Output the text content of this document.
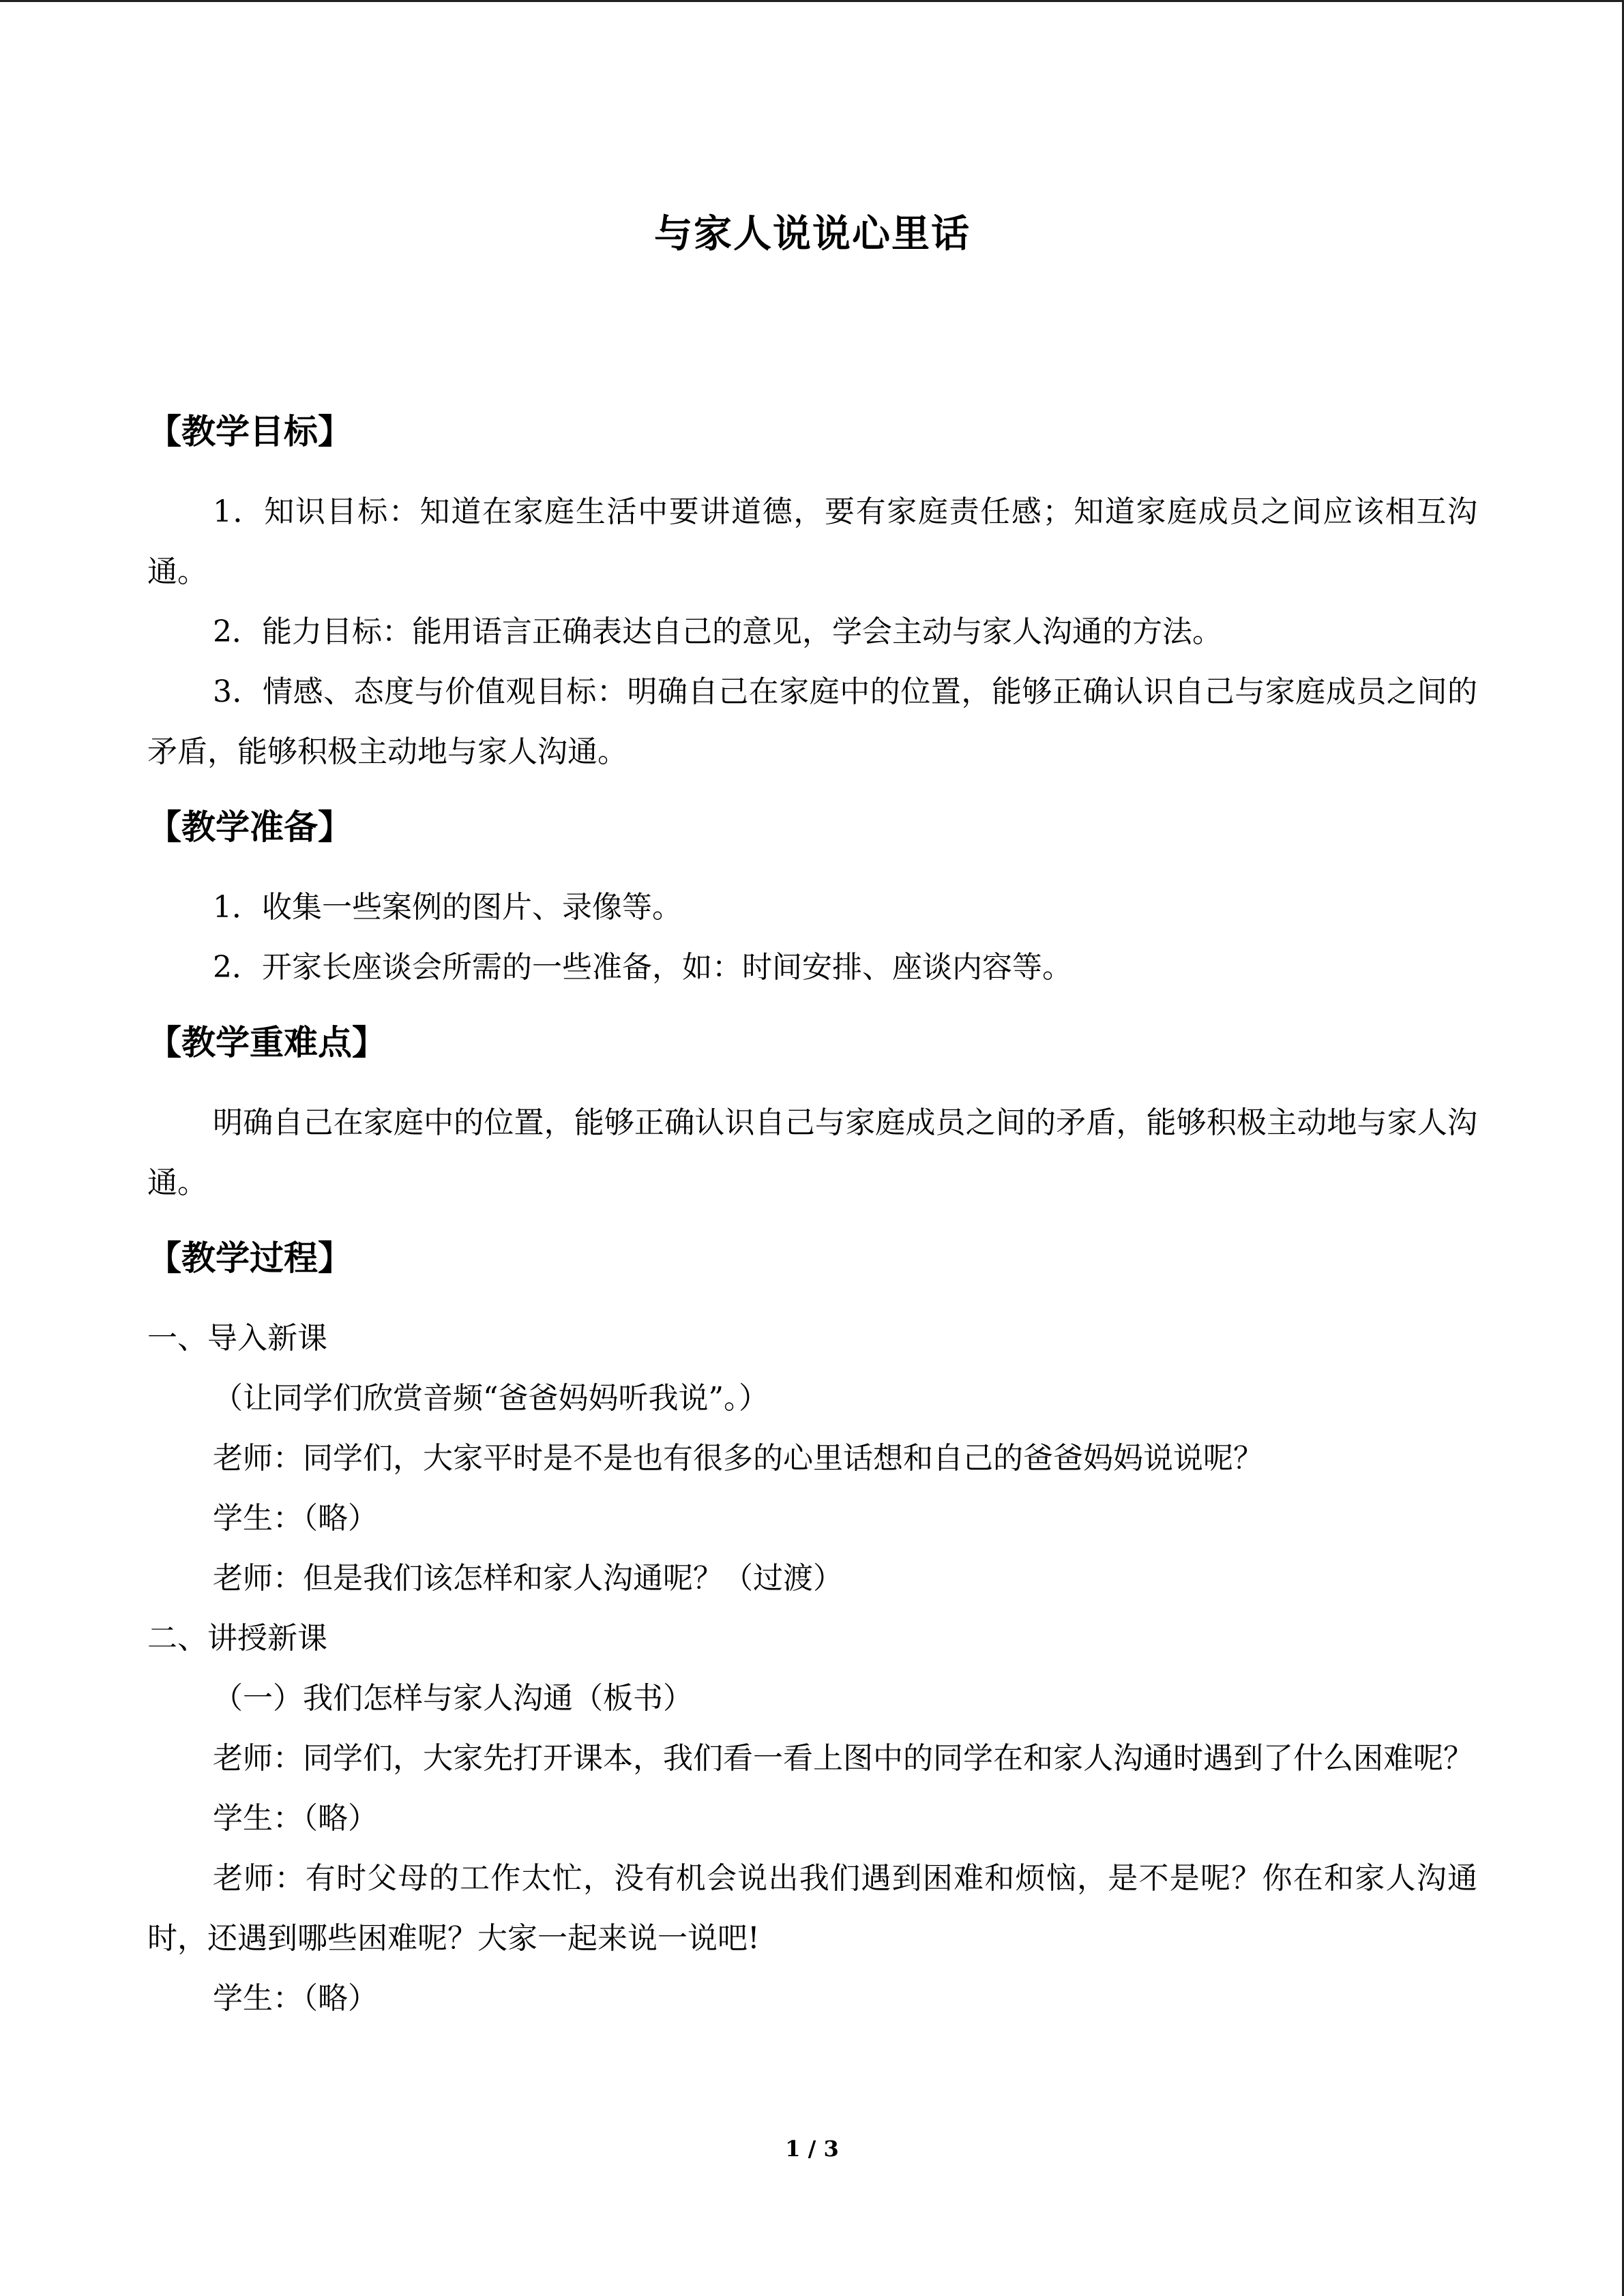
与家人说说心里话
【教学目标】

1．知识目标：知道在家庭生活中要讲道德，要有家庭责任感；知道家庭成员之间应该相互沟通。

2．能力目标：能用语言正确表达自己的意见，学会主动与家人沟通的方法。

3．情感、态度与价值观目标：明确自己在家庭中的位置，能够正确认识自己与家庭成员之间的矛盾，能够积极主动地与家人沟通。

【教学准备】

1．收集一些案例的图片、录像等。

2．开家长座谈会所需的一些准备，如：时间安排、座谈内容等。

【教学重难点】

明确自己在家庭中的位置，能够正确认识自己与家庭成员之间的矛盾，能够积极主动地与家人沟通。

【教学过程】

一、导入新课

（让同学们欣赏音频“爸爸妈妈听我说”。）

老师：同学们，大家平时是不是也有很多的心里话想和自己的爸爸妈妈说说呢？

学生：（略）

老师：但是我们该怎样和家人沟通呢？（过渡）

二、讲授新课

（一）我们怎样与家人沟通（板书）

老师：同学们，大家先打开课本，我们看一看上图中的同学在和家人沟通时遇到了什么困难呢？

学生：（略）

老师：有时父母的工作太忙，没有机会说出我们遇到困难和烦恼，是不是呢？你在和家人沟通时，还遇到哪些困难呢？大家一起来说一说吧!

学生：（略）

1 / 3
